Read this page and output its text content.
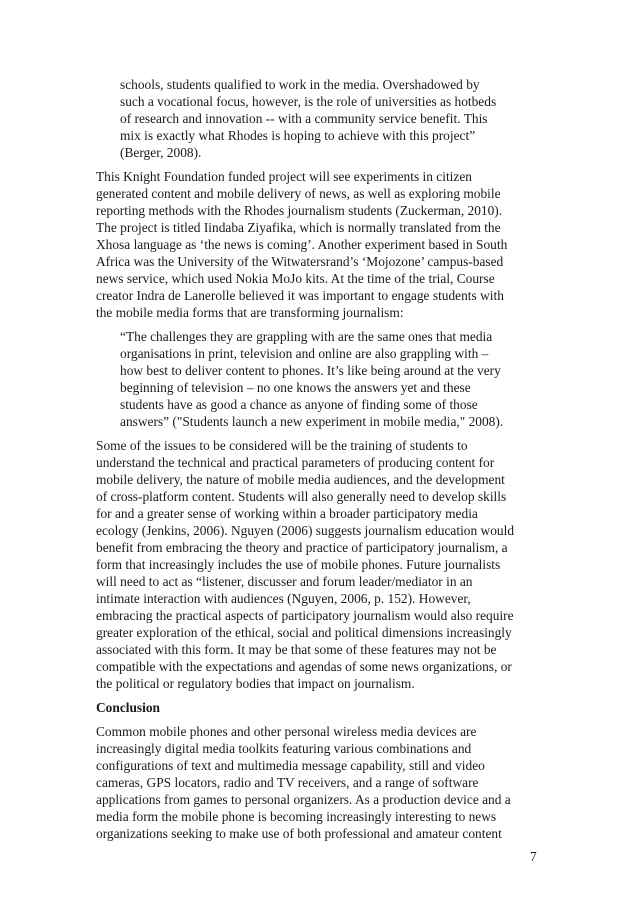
schools, students qualified to work in the media. Overshadowed by
such a vocational focus, however, is the role of universities as hotbeds
of research and innovation -- with a community service benefit. This
mix is exactly what Rhodes is hoping to achieve with this project”
(Berger, 2008).
This Knight Foundation funded project will see experiments in citizen
generated content and mobile delivery of news, as well as exploring mobile
reporting methods with the Rhodes journalism students (Zuckerman, 2010).
The project is titled Iindaba Ziyafika, which is normally translated from the
Xhosa language as ‘the news is coming’. Another experiment based in South
Africa was the University of the Witwatersrand’s ‘Mojozone’ campus-based
news service, which used Nokia MoJo kits. At the time of the trial, Course
creator Indra de Lanerolle believed it was important to engage students with
the mobile media forms that are transforming journalism:
“The challenges they are grappling with are the same ones that media
organisations in print, television and online are also grappling with –
how best to deliver content to phones. It’s like being around at the very
beginning of television – no one knows the answers yet and these
students have as good a chance as anyone of finding some of those
answers” ("Students launch a new experiment in mobile media," 2008).
Some of the issues to be considered will be the training of students to
understand the technical and practical parameters of producing content for
mobile delivery, the nature of mobile media audiences, and the development
of cross-platform content. Students will also generally need to develop skills
for and a greater sense of working within a broader participatory media
ecology (Jenkins, 2006). Nguyen (2006) suggests journalism education would
benefit from embracing the theory and practice of participatory journalism, a
form that increasingly includes the use of mobile phones. Future journalists
will need to act as “listener, discusser and forum leader/mediator in an
intimate interaction with audiences (Nguyen, 2006, p. 152). However,
embracing the practical aspects of participatory journalism would also require
greater exploration of the ethical, social and political dimensions increasingly
associated with this form. It may be that some of these features may not be
compatible with the expectations and agendas of some news organizations, or
the political or regulatory bodies that impact on journalism.
Conclusion
Common mobile phones and other personal wireless media devices are
increasingly digital media toolkits featuring various combinations and
configurations of text and multimedia message capability, still and video
cameras, GPS locators, radio and TV receivers, and a range of software
applications from games to personal organizers. As a production device and a
media form the mobile phone is becoming increasingly interesting to news
organizations seeking to make use of both professional and amateur content
7
